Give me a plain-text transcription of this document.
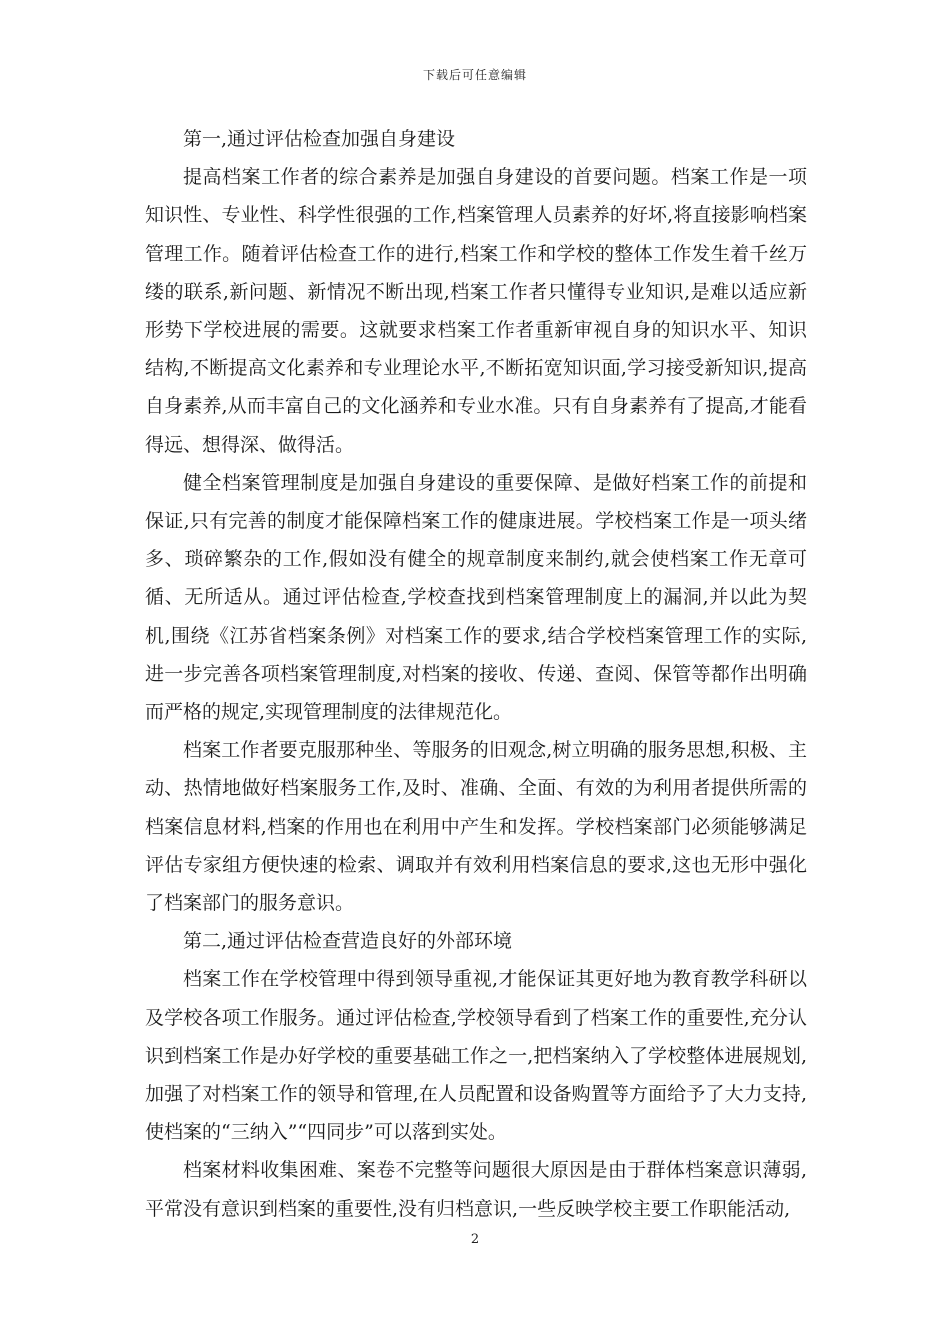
下载后可任意编辑

第一,通过评估检查加强自身建设

提高档案工作者的综合素养是加强自身建设的首要问题。档案工作是一项知识性、专业性、科学性很强的工作,档案管理人员素养的好坏,将直接影响档案管理工作。随着评估检查工作的进行,档案工作和学校的整体工作发生着千丝万缕的联系,新问题、新情况不断出现,档案工作者只懂得专业知识,是难以适应新形势下学校进展的需要。这就要求档案工作者重新审视自身的知识水平、知识结构,不断提高文化素养和专业理论水平,不断拓宽知识面,学习接受新知识,提高自身素养,从而丰富自己的文化涵养和专业水准。只有自身素养有了提高,才能看得远、想得深、做得活。

健全档案管理制度是加强自身建设的重要保障、是做好档案工作的前提和保证,只有完善的制度才能保障档案工作的健康进展。学校档案工作是一项头绪多、琐碎繁杂的工作,假如没有健全的规章制度来制约,就会使档案工作无章可循、无所适从。通过评估检查,学校查找到档案管理制度上的漏洞,并以此为契机,围绕《江苏省档案条例》对档案工作的要求,结合学校档案管理工作的实际,进一步完善各项档案管理制度,对档案的接收、传递、查阅、保管等都作出明确而严格的规定,实现管理制度的法律规范化。

档案工作者要克服那种坐、等服务的旧观念,树立明确的服务思想,积极、主动、热情地做好档案服务工作,及时、准确、全面、有效的为利用者提供所需的档案信息材料,档案的作用也在利用中产生和发挥。学校档案部门必须能够满足评估专家组方便快速的检索、调取并有效利用档案信息的要求,这也无形中强化了档案部门的服务意识。

第二,通过评估检查营造良好的外部环境

档案工作在学校管理中得到领导重视,才能保证其更好地为教育教学科研以及学校各项工作服务。通过评估检查,学校领导看到了档案工作的重要性,充分认识到档案工作是办好学校的重要基础工作之一,把档案纳入了学校整体进展规划,加强了对档案工作的领导和管理,在人员配置和设备购置等方面给予了大力支持,使档案的“三纳入”“四同步”可以落到实处。

档案材料收集困难、案卷不完整等问题很大原因是由于群体档案意识薄弱,平常没有意识到档案的重要性,没有归档意识,一些反映学校主要工作职能活动,

2
